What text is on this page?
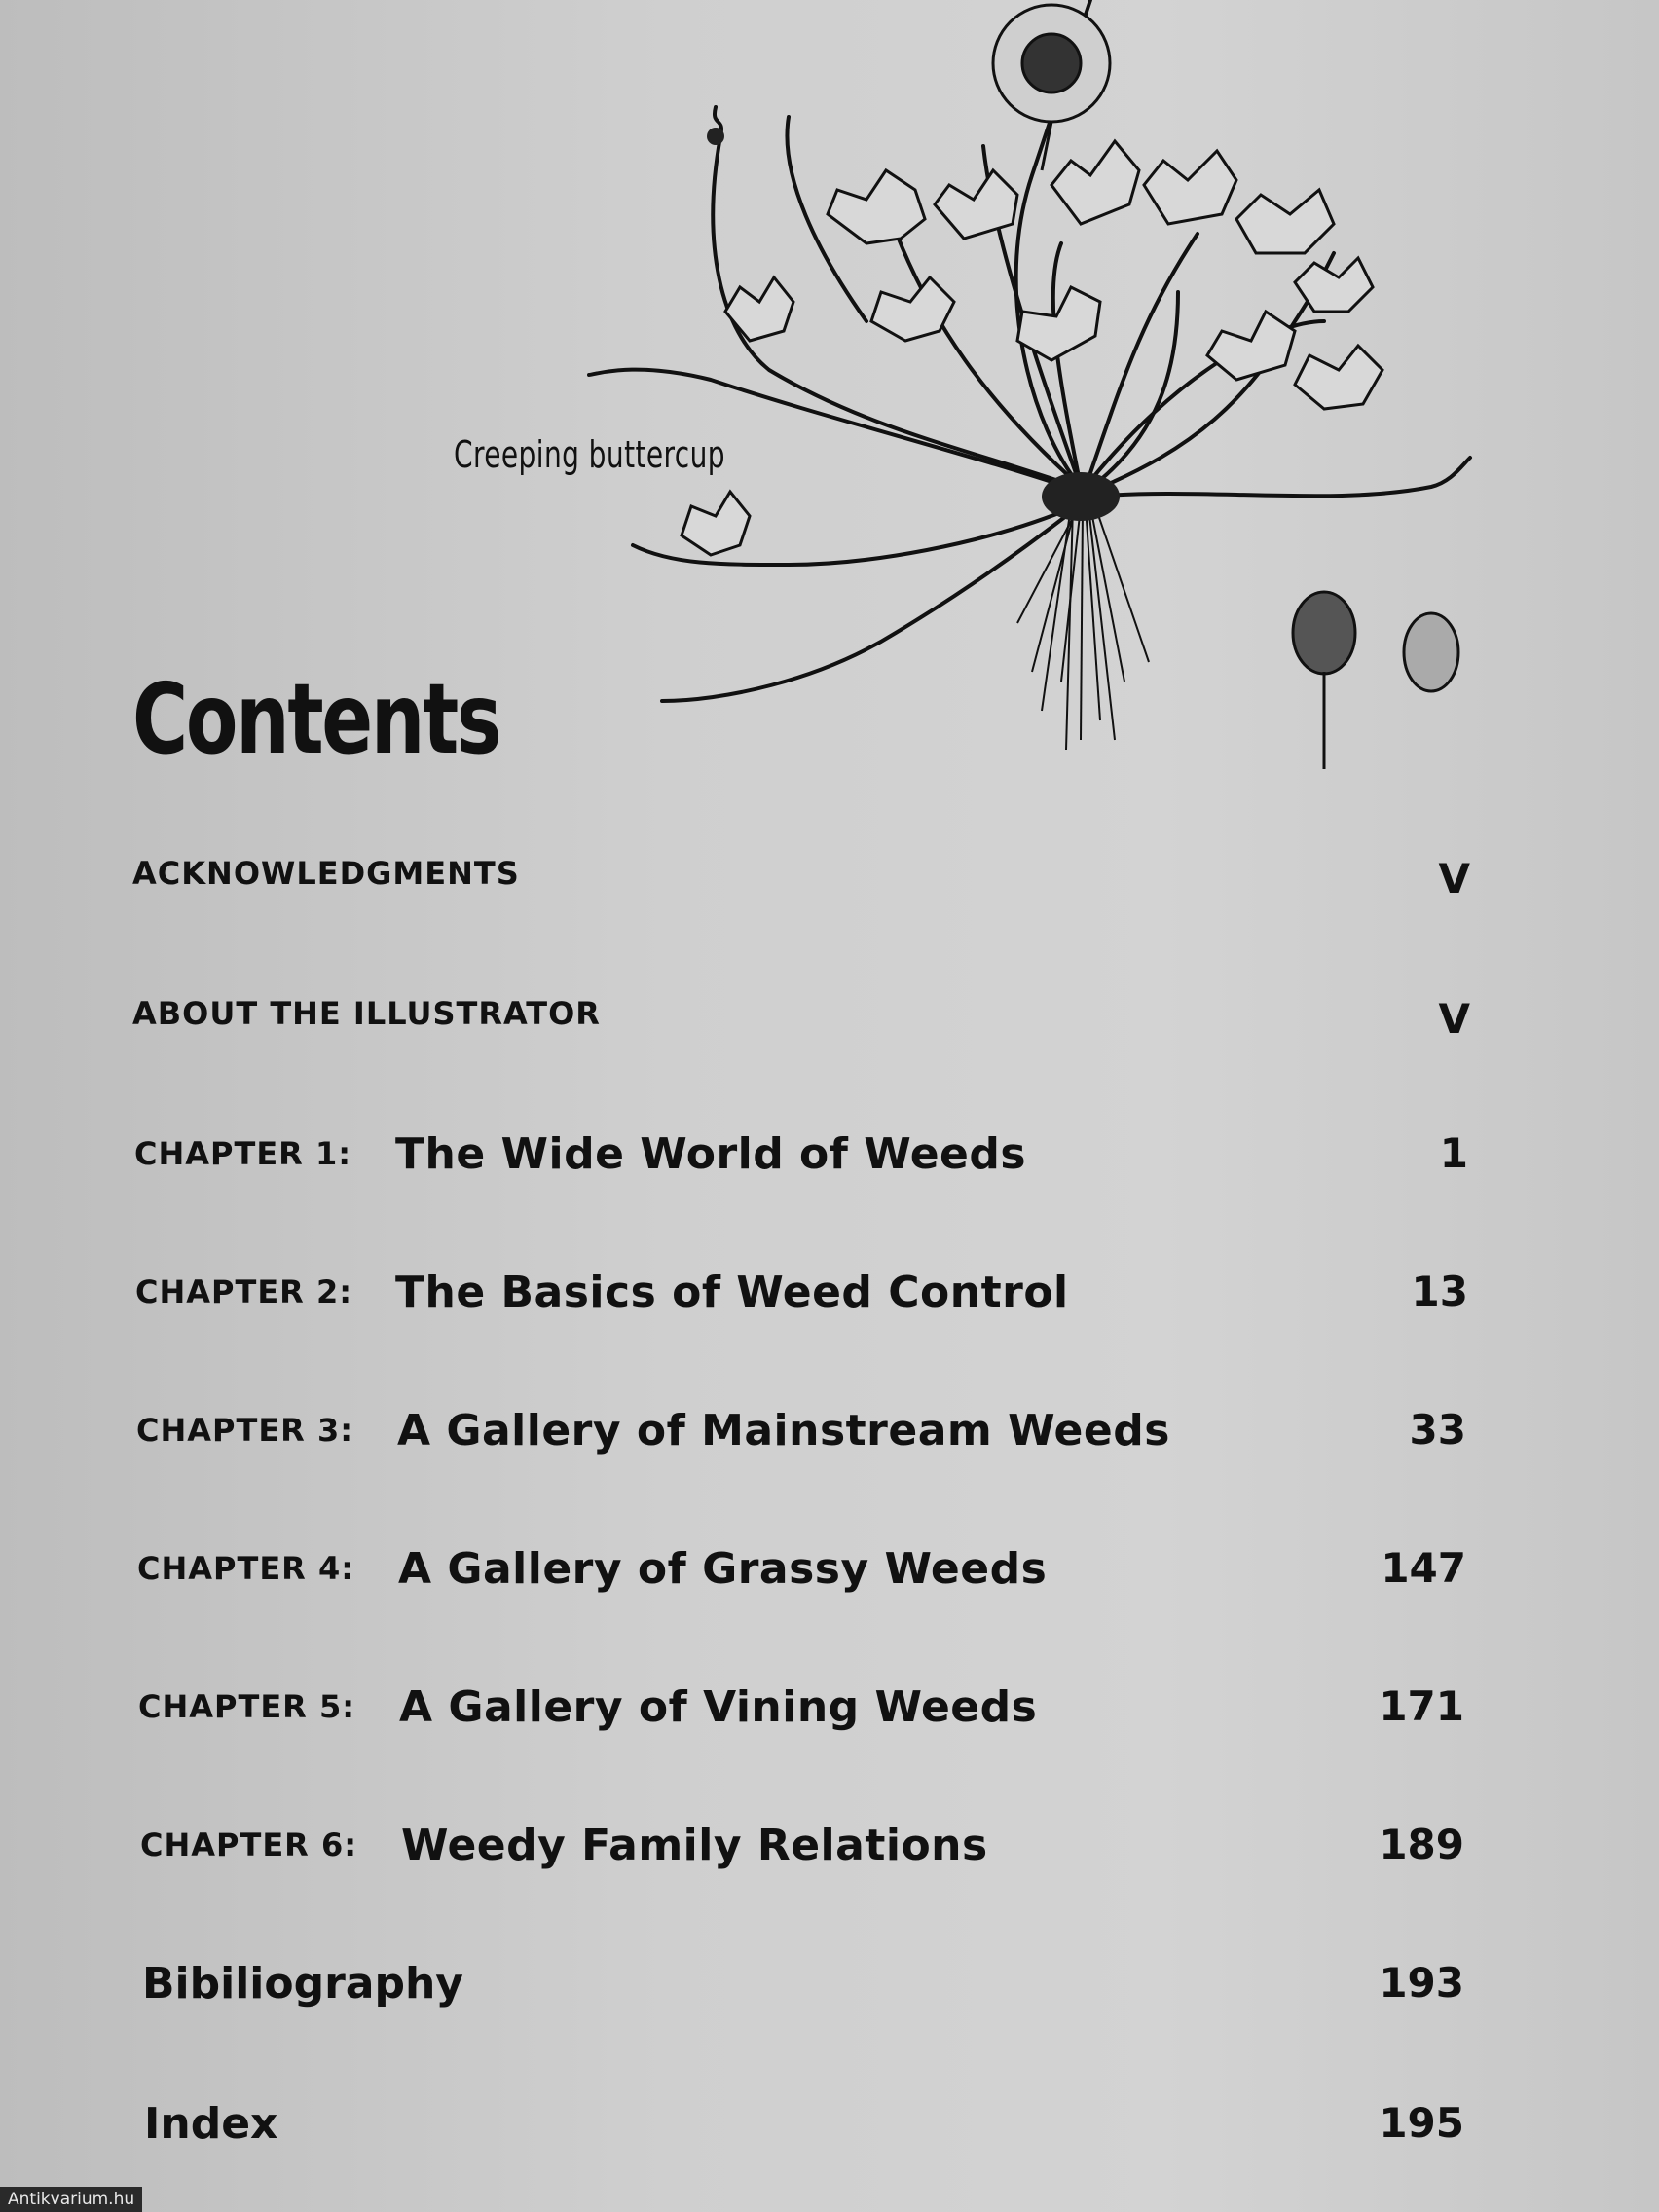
Creeping buttercup
Contents
ACKNOWLEDGMENTS	V
ABOUT THE ILLUSTRATOR	V
CHAPTER 1: The Wide World of Weeds	1
CHAPTER 2: The Basics of Weed Control	13
CHAPTER 3: A Gallery of Mainstream Weeds	33
CHAPTER 4: A Gallery of Grassy Weeds	147
CHAPTER 5: A Gallery of Vining Weeds	171
CHAPTER 6: Weedy Family Relations	189
Bibiliography	193
Index	195
Antikvarium.hu
